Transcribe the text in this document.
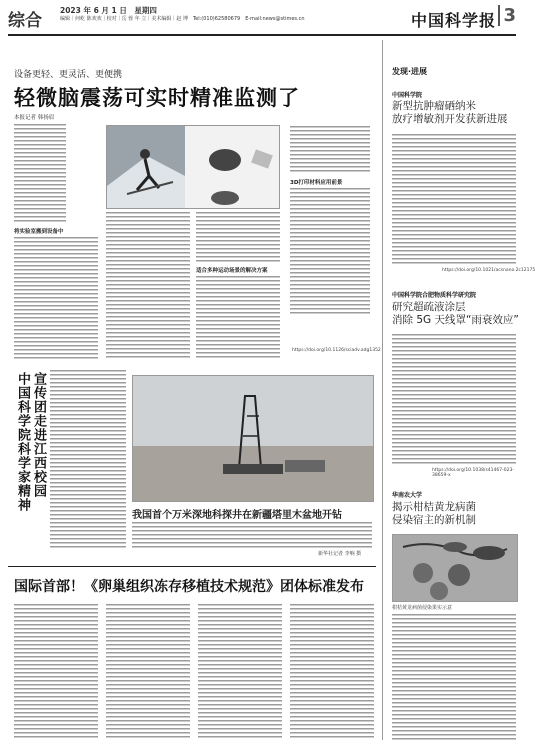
综合
2023 年 6 月 1 日　星期四
编辑｜何屹 陈欢欢｜校对｜岳 蓉 年 立｜美术编辑｜赵 博　Tel:(010)62580679　E-mail:news@stimes.cn	中国科学报 3
设备更轻、更灵活、更便携
轻微脑震荡可实时精准监测了
本报记者 韩扬眉
3D打印材料应用前景
将实验室搬到设备中
适合多种运动场景的解决方案
https://doi.org/10.1126/sciadv.adg1352
宣传团走进江西校园 中国科学院科学家精神
我国首个万米深地科探井在新疆塔里木盆地开钻
新华社记者 李响 摄
国际首部！《卵巢组织冻存移植技术规范》团体标准发布
发现·进展
中国科学院
新型抗肿瘤硒纳米
放疗增敏剂开发获新进展
https://doi.org/10.1021/acsnano.2c12175
中国科学院合肥物质科学研究院
研究超疏液涂层
消除 5G 天线罩“雨衰效应”
https://doi.org/10.1038/s41467-023-38659-x
华南农大学
揭示柑桔黄龙病菌
侵染宿主的新机制
柑桔黄龙病菌侵染果实示意
